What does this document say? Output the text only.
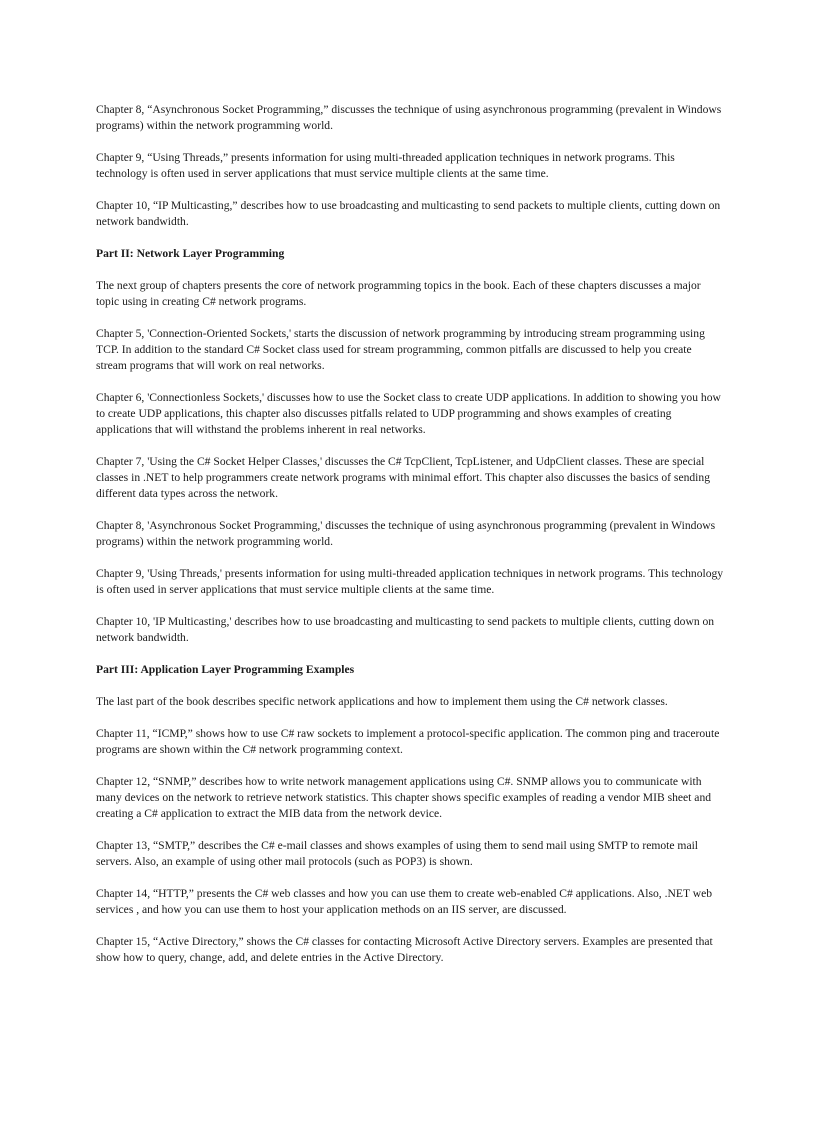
Chapter 8, “Asynchronous Socket Programming,” discusses the technique of using asynchronous programming (prevalent in Windows programs) within the network programming world.

Chapter 9, “Using Threads,” presents information for using multi-threaded application techniques in network programs. This technology is often used in server applications that must service multiple clients at the same time.

Chapter 10, “IP Multicasting,” describes how to use broadcasting and multicasting to send packets to multiple clients, cutting down on network bandwidth.

Part II: Network Layer Programming

The next group of chapters presents the core of network programming topics in the book. Each of these chapters discusses a major topic using in creating C# network programs.

Chapter 5, 'Connection-Oriented Sockets,' starts the discussion of network programming by introducing stream programming using TCP. In addition to the standard C# Socket class used for stream programming, common pitfalls are discussed to help you create stream programs that will work on real networks.

Chapter 6, 'Connectionless Sockets,' discusses how to use the Socket class to create UDP applications. In addition to showing you how to create UDP applications, this chapter also discusses pitfalls related to UDP programming and shows examples of creating applications that will withstand the problems inherent in real networks.

Chapter 7, 'Using the C# Socket Helper Classes,' discusses the C# TcpClient, TcpListener, and UdpClient classes. These are special classes in .NET to help programmers create network programs with minimal effort. This chapter also discusses the basics of sending different data types across the network.

Chapter 8, 'Asynchronous Socket Programming,' discusses the technique of using asynchronous programming (prevalent in Windows programs) within the network programming world.

Chapter 9, 'Using Threads,' presents information for using multi-threaded application techniques in network programs. This technology is often used in server applications that must service multiple clients at the same time.

Chapter 10, 'IP Multicasting,' describes how to use broadcasting and multicasting to send packets to multiple clients, cutting down on network bandwidth.

Part III: Application Layer Programming Examples

The last part of the book describes specific network applications and how to implement them using the C# network classes.

Chapter 11, “ICMP,” shows how to use C# raw sockets to implement a protocol-specific application. The common ping and traceroute programs are shown within the C# network programming context.

Chapter 12, “SNMP,” describes how to write network management applications using C#. SNMP allows you to communicate with many devices on the network to retrieve network statistics. This chapter shows specific examples of reading a vendor MIB sheet and creating a C# application to extract the MIB data from the network device.

Chapter 13, “SMTP,” describes the C# e-mail classes and shows examples of using them to send mail using SMTP to remote mail servers. Also, an example of using other mail protocols (such as POP3) is shown.

Chapter 14, “HTTP,” presents the C# web classes and how you can use them to create web-enabled C# applications. Also, .NET web services , and how you can use them to host your application methods on an IIS server, are discussed.

Chapter 15, “Active Directory,” shows the C# classes for contacting Microsoft Active Directory servers. Examples are presented that show how to query, change, add, and delete entries in the Active Directory.
